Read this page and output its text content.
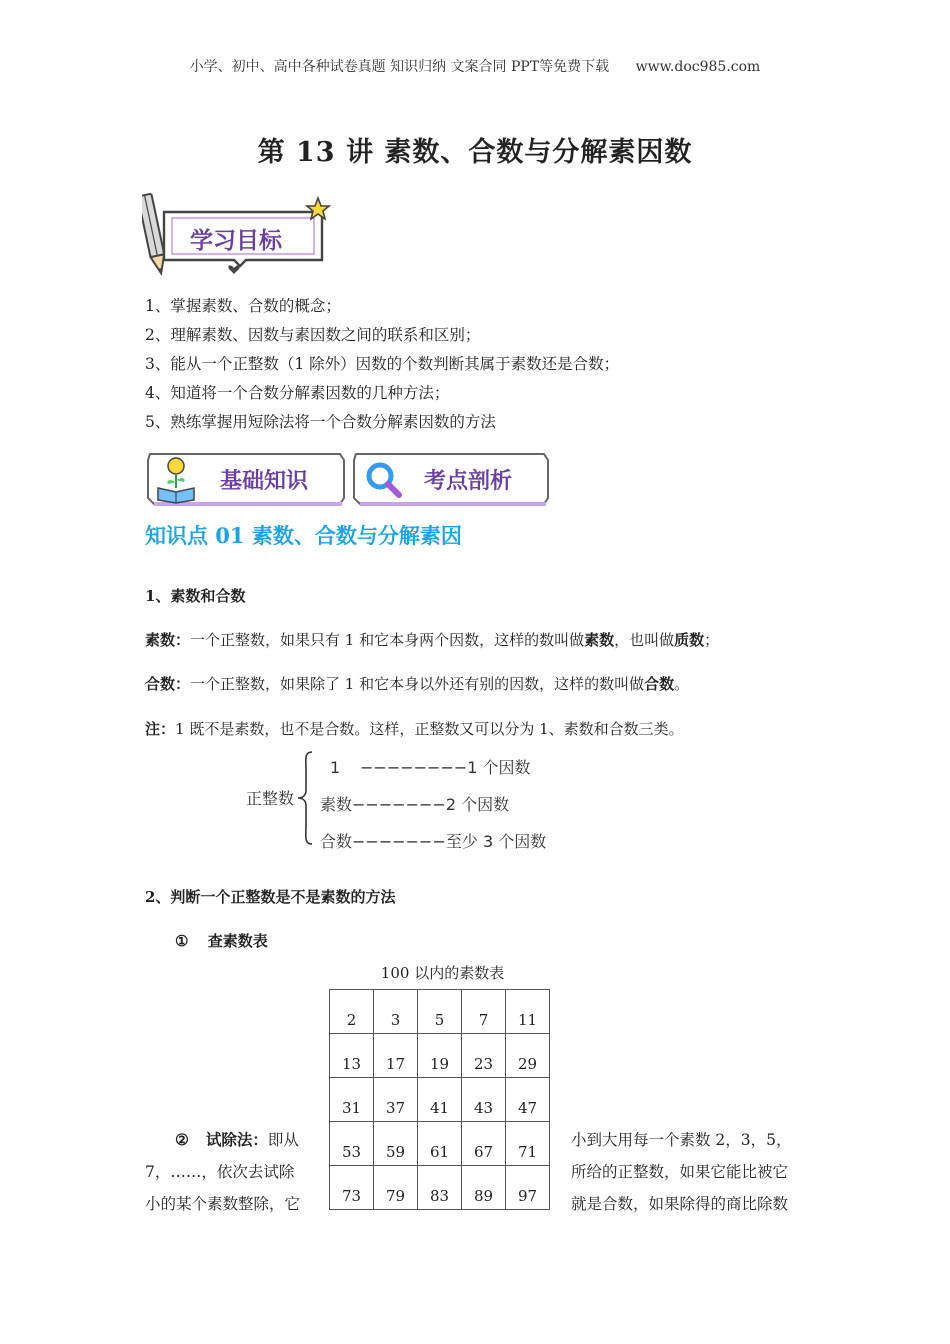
小学、初中、高中各种试卷真题 知识归纳 文案合同 PPT等免费下载 www.doc985.com
第 13 讲 素数、合数与分解素因数
学习目标
1、掌握素数、合数的概念；
2、理解素数、因数与素因数之间的联系和区别；
3、能从一个正整数（1 除外）因数的个数判断其属于素数还是合数；
4、知道将一个合数分解素因数的几种方法；
5、熟练掌握用短除法将一个合数分解素因数的方法
基础知识	考点剖析
知识点 01 素数、合数与分解素因
1、素数和合数
素数：一个正整数，如果只有 1 和它本身两个因数，这样的数叫做素数，也叫做质数；
合数：一个正整数，如果除了 1 和它本身以外还有别的因数，这样的数叫做合数。
注：1 既不是素数，也不是合数。这样，正整数又可以分为 1、素数和合数三类。
正整数
1 −−−−−−−−1 个因数
素数−−−−−−−2 个因数
合数−−−−−−−至少 3 个因数
2、判断一个正整数是不是素数的方法
① 查素数表
100 以内的素数表
2	3	5	7	11
13	17	19	23	29
31	37	41	43	47
53	59	61	67	71
73	79	83	89	97
② 试除法：即从
7，……，依次去试除
小的某个素数整除，它
小到大用每一个素数 2，3，5，
所给的正整数，如果它能比被它
就是合数，如果除得的商比除数
